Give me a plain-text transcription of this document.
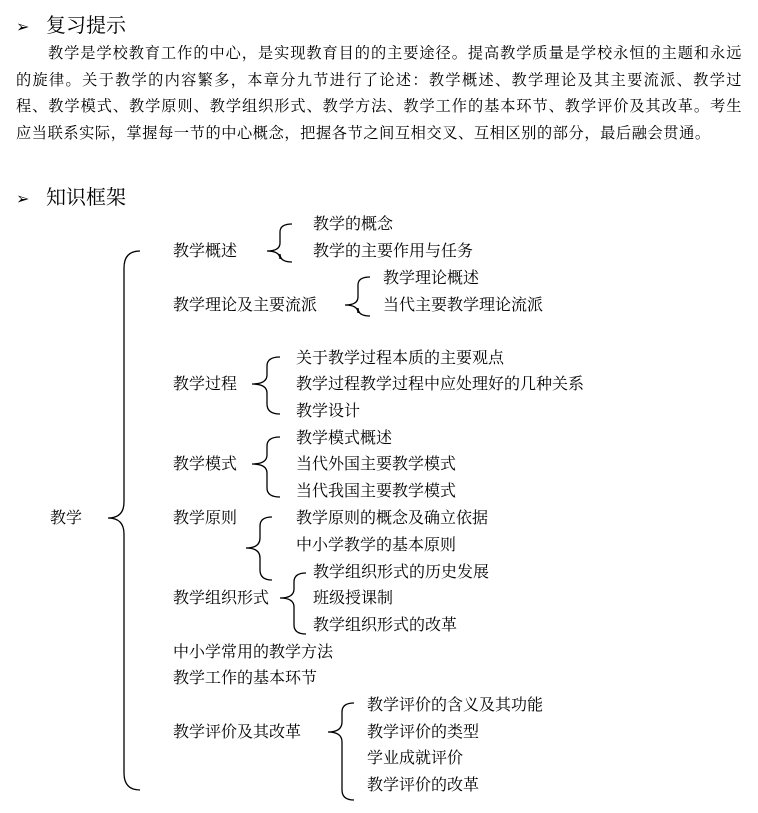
➢ 复习提示

教学是学校教育工作的中心，是实现教育目的的主要途径。提高教学质量是学校永恒的主题和永远的旋律。关于教学的内容繁多，本章分九节进行了论述：教学概述、教学理论及其主要流派、教学过程、教学模式、教学原则、教学组织形式、教学方法、教学工作的基本环节、教学评价及其改革。考生应当联系实际，掌握每一节的中心概念，把握各节之间互相交叉、互相区别的部分，最后融会贯通。

➢ 知识框架
教学
教学概述
教学理论及主要流派
教学过程
教学模式
教学原则
教学组织形式
中小学常用的教学方法
教学工作的基本环节
教学评价及其改革
教学的概念
教学的主要作用与任务
教学理论概述
当代主要教学理论流派
关于教学过程本质的主要观点
教学过程教学过程中应处理好的几种关系
教学设计
教学模式概述
当代外国主要教学模式
当代我国主要教学模式
教学原则的概念及确立依据
中小学教学的基本原则
教学组织形式的历史发展
班级授课制
教学组织形式的改革
教学评价的含义及其功能
教学评价的类型
学业成就评价
教学评价的改革
